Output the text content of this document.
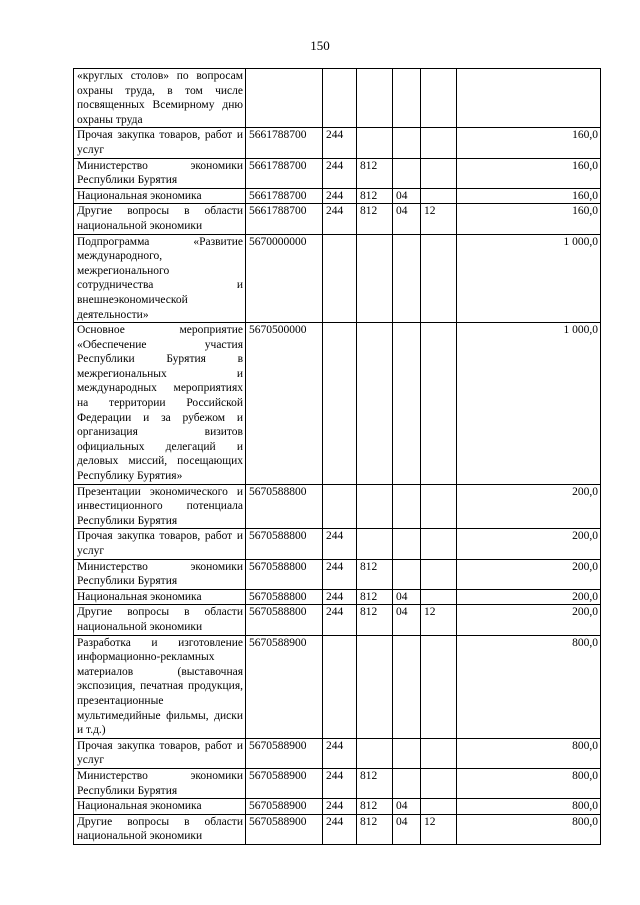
150
«круглых столов» по вопросам охраны труда, в том числе посвященных Всемирному дню охраны труда						
Прочая закупка товаров, работ и услуг	5661788700	244				160,0
Министерство экономики Республики Бурятия	5661788700	244	812			160,0
Национальная экономика	5661788700	244	812	04		160,0
Другие вопросы в области национальной экономики	5661788700	244	812	04	12	160,0
Подпрограмма «Развитие международного, межрегионального сотрудничества и внешнеэкономической деятельности»	5670000000					1 000,0
Основное мероприятие «Обеспечение участия Республики Бурятия в межрегиональных и международных мероприятиях на территории Российской Федерации и за рубежом и организация визитов официальных делегаций и деловых миссий, посещающих Республику Бурятия»	5670500000					1 000,0
Презентации экономического и инвестиционного потенциала Республики Бурятия	5670588800					200,0
Прочая закупка товаров, работ и услуг	5670588800	244				200,0
Министерство экономики Республики Бурятия	5670588800	244	812			200,0
Национальная экономика	5670588800	244	812	04		200,0
Другие вопросы в области национальной экономики	5670588800	244	812	04	12	200,0
Разработка и изготовление информационно-рекламных материалов (выставочная экспозиция, печатная продукция, презентационные мультимедийные фильмы, диски и т.д.)	5670588900					800,0
Прочая закупка товаров, работ и услуг	5670588900	244				800,0
Министерство экономики Республики Бурятия	5670588900	244	812			800,0
Национальная экономика	5670588900	244	812	04		800,0
Другие вопросы в области национальной экономики	5670588900	244	812	04	12	800,0
